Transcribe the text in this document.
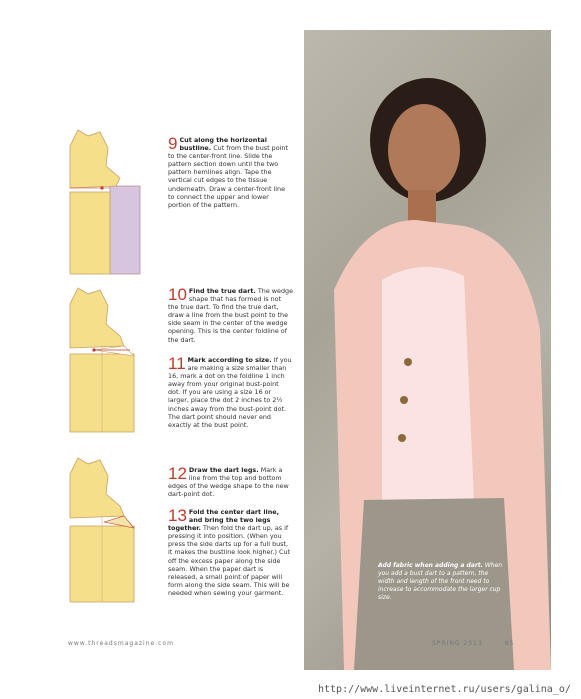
9 Cut along the horizontal bustline. Cut from the bust point to the center-front line. Slide the pattern section down until the two pattern hemlines align. Tape the vertical cut edges to the tissue underneath. Draw a center-front line to connect the upper and lower portion of the pattern.
10 Find the true dart. The wedge shape that has formed is not the true dart. To find the true dart, draw a line from the bust point to the side seam in the center of the wedge opening. This is the center foldline of the dart.
11 Mark according to size. If you are making a size smaller than 16, mark a dot on the foldline 1 inch away from your original bust-point dot. If you are using a size 16 or larger, place the dot 2 inches to 2½ inches away from the bust-point dot. The dart point should never end exactly at the bust point.
12 Draw the dart legs. Mark a line from the top and bottom edges of the wedge shape to the new dart-point dot.
13 Fold the center dart line, and bring the two legs together. Then fold the dart up, as if pressing it into position. (When you press the side darts up for a full bust, it makes the bustline look higher.) Cut off the excess paper along the side seam. When the paper dart is released, a small point of paper will form along the side seam. This will be needed when sewing your garment.
Add fabric when adding a dart. When you add a bust dart to a pattern, the width and length of the front need to increase to accommodate the larger cup size.
www.threadsmagazine.com	SPRING 2013	85
http://www.liveinternet.ru/users/galina_o/
